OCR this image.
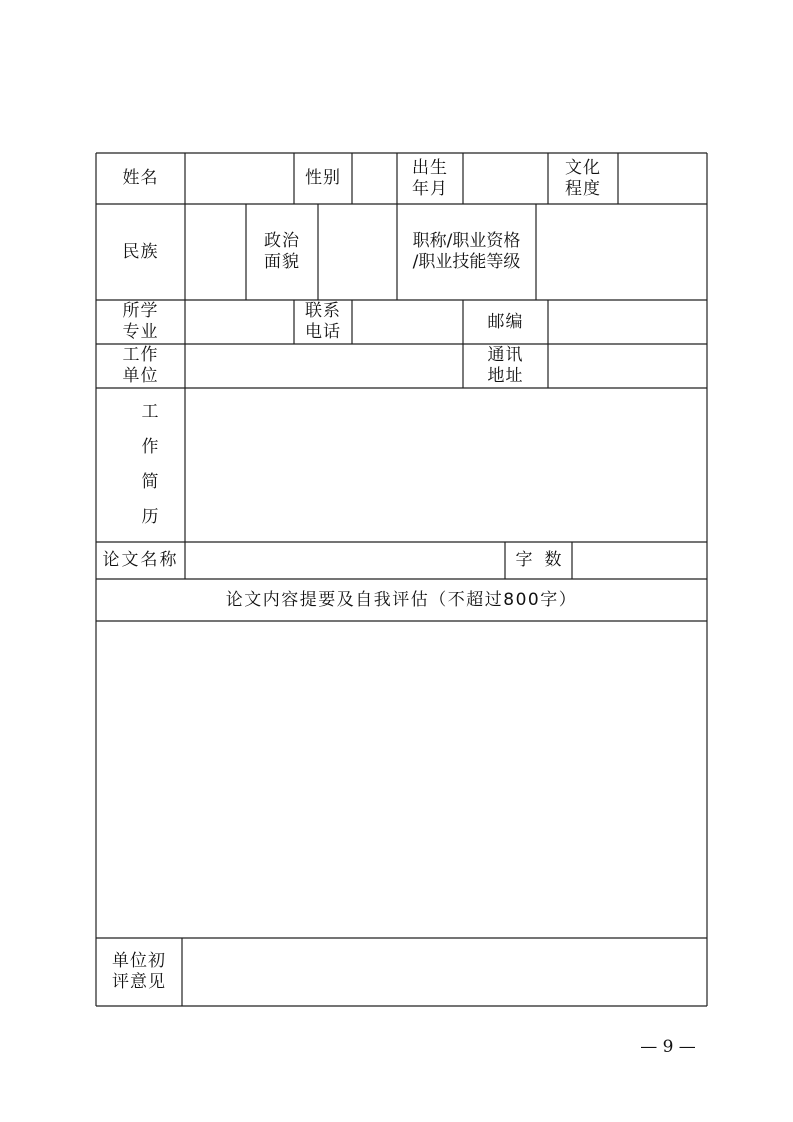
姓名	性别
出生
年月
文化
程度
民族
政治
面貌
职称/职业资格
/职业技能等级
所学
专业
联系
电话
邮编
工作
单位
通讯
地址
工
作
简
历
论文名称	字数
论文内容提要及自我评估（不超过800字）
单位初
评意见
— 9 —
